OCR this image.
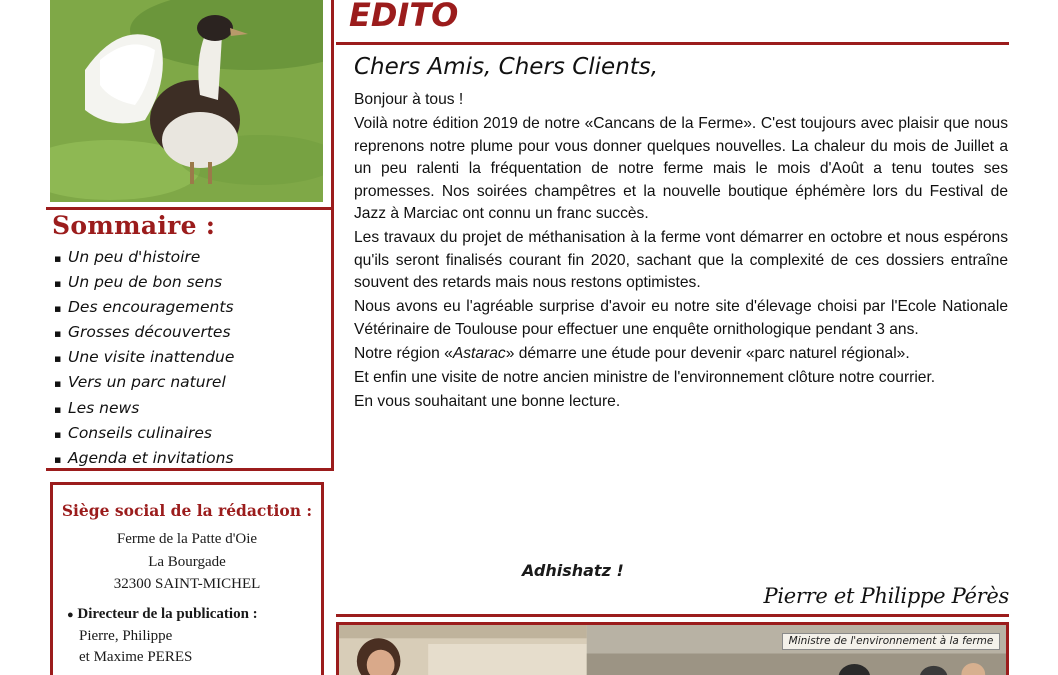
Sommaire :
▪ Un peu d'histoire
▪ Un peu de bon sens
▪ Des encouragements
▪ Grosses découvertes
▪ Une visite inattendue
▪ Vers un parc naturel
▪ Les news
▪ Conseils culinaires
▪ Agenda et invitations
Siège social de la rédaction :
Ferme de la Patte d'Oie
La Bourgade
32300 SAINT-MICHEL
● Directeur de la publication :
Pierre, Philippe
et Maxime PERES
EDITO
Chers Amis, Chers Clients,

Bonjour à tous !

Voilà notre édition 2019 de notre «Cancans de la Ferme». C'est toujours avec plaisir que nous reprenons notre plume pour vous donner quelques nouvelles. La chaleur du mois de Juillet a un peu ralenti la fréquentation de notre ferme mais le mois d'Août a tenu toutes ses promesses. Nos soirées champêtres et la nouvelle boutique éphémère lors du Festival de Jazz à Marciac ont connu un franc succès.

Les travaux du projet de méthanisation à la ferme vont démarrer en octobre et nous espérons qu'ils seront finalisés courant fin 2020, sachant que la complexité de ces dossiers entraîne souvent des retards mais nous restons optimistes.

Nous avons eu l'agréable surprise d'avoir eu notre site d'élevage choisi par l'Ecole Nationale Vétérinaire de Toulouse pour effectuer une enquête ornithologique pendant 3 ans.

Notre région «Astarac» démarre une étude pour devenir «parc naturel régional».

Et enfin une visite de notre ancien ministre de l'environnement clôture notre courrier.

En vous souhaitant une bonne lecture.

Adhishatz !
Pierre et Philippe Pérès
Ministre de l'environnement à la ferme
